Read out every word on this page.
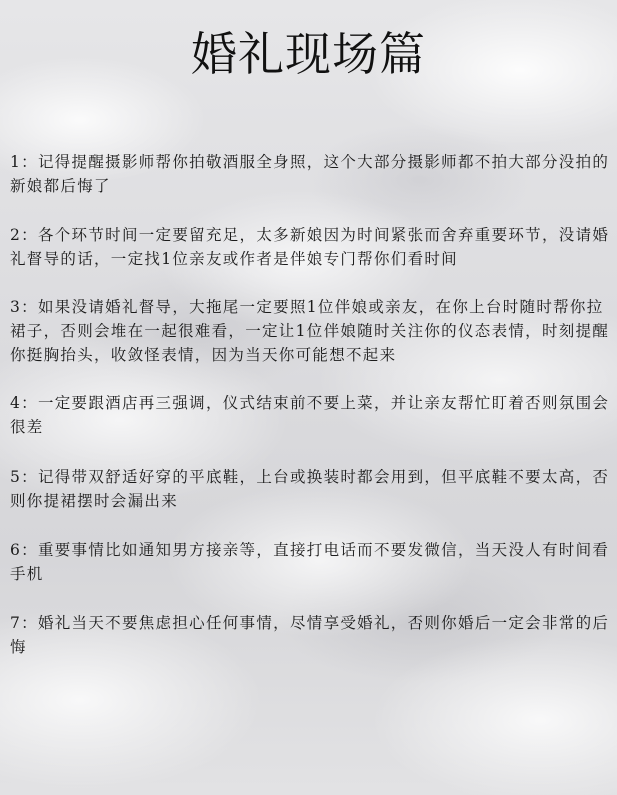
婚礼现场篇
1：记得提醒摄影师帮你拍敬酒服全身照，这个大部分摄影师都不拍大部分没拍的新娘都后悔了
2：各个环节时间一定要留充足，太多新娘因为时间紧张而舍弃重要环节，没请婚礼督导的话，一定找1位亲友或作者是伴娘专门帮你们看时间
3：如果没请婚礼督导，大拖尾一定要照1位伴娘或亲友，在你上台时随时帮你拉裙子，否则会堆在一起很难看，一定让1位伴娘随时关注你的仪态表情，时刻提醒你挺胸抬头，收敛怪表情，因为当天你可能想不起来
4：一定要跟酒店再三强调，仪式结束前不要上菜，并让亲友帮忙盯着否则氛围会很差
5：记得带双舒适好穿的平底鞋，上台或换装时都会用到，但平底鞋不要太高，否则你提裙摆时会漏出来
6：重要事情比如通知男方接亲等，直接打电话而不要发微信，当天没人有时间看手机
7：婚礼当天不要焦虑担心任何事情，尽情享受婚礼，否则你婚后一定会非常的后悔
